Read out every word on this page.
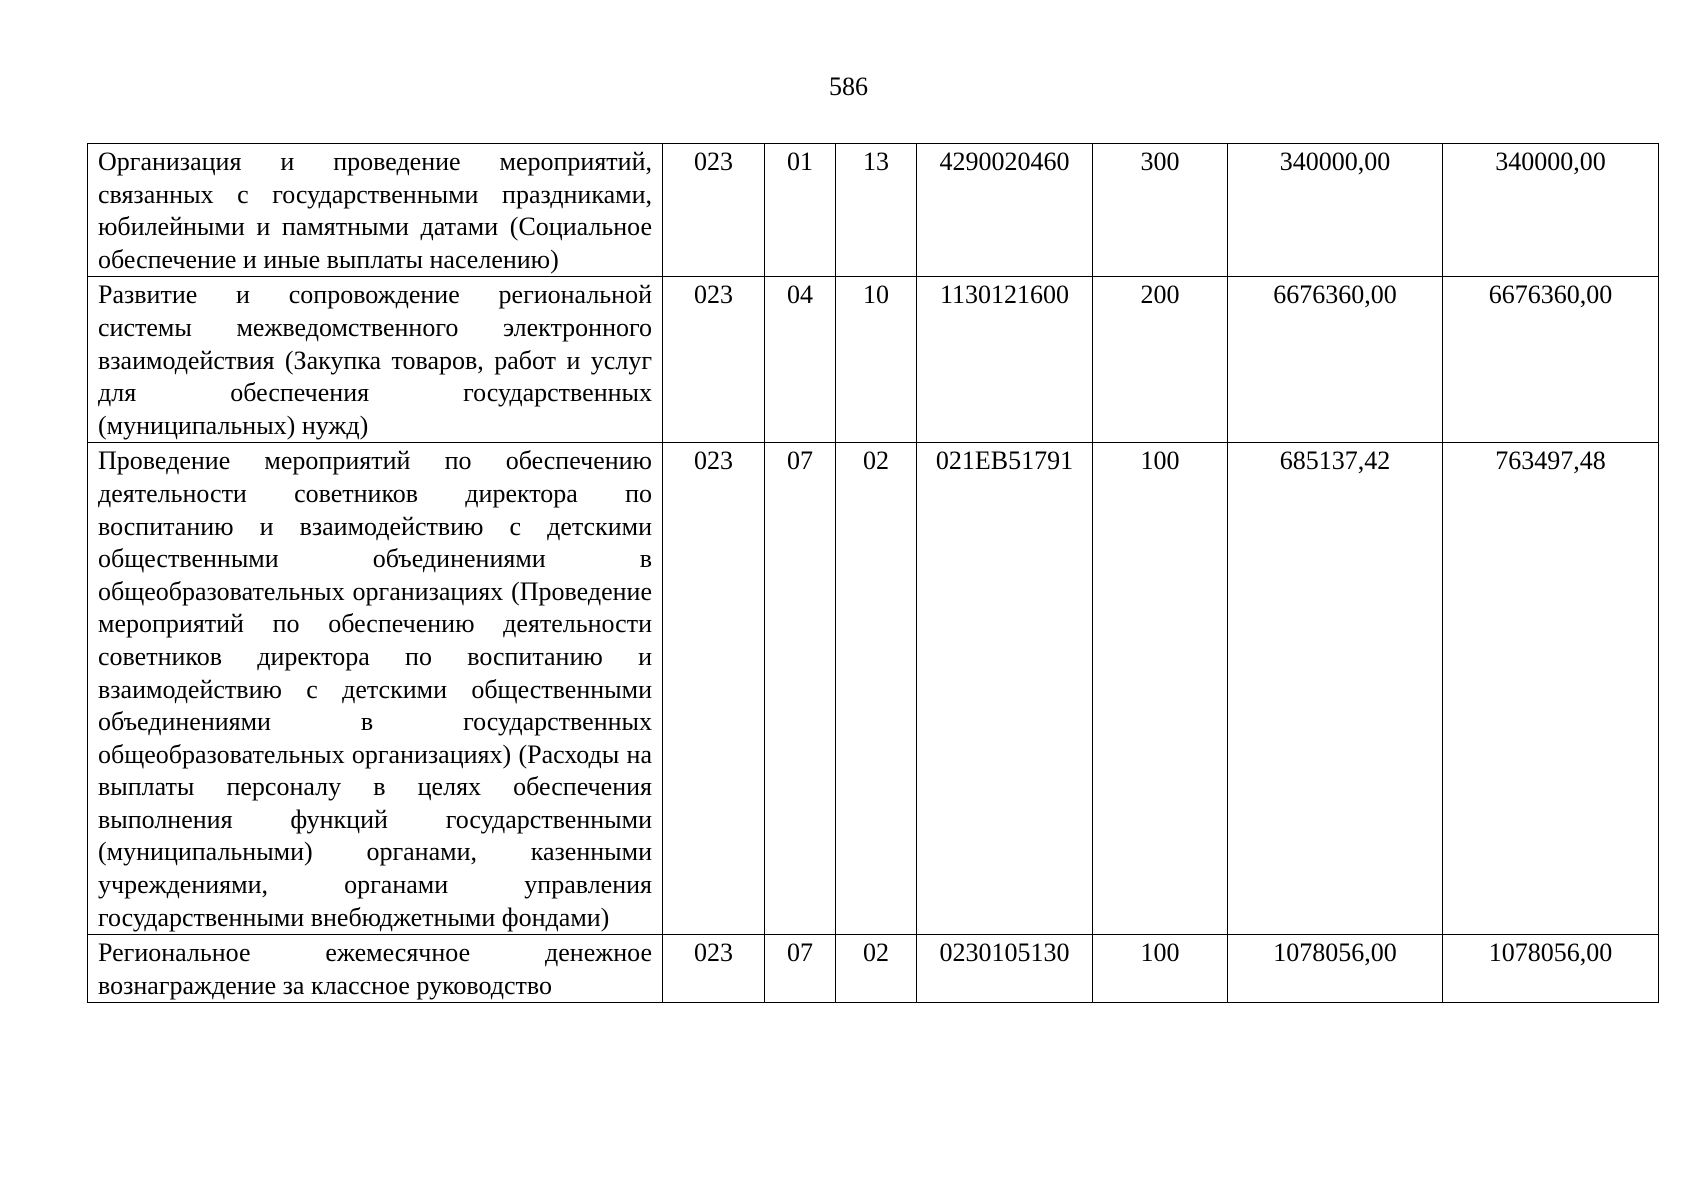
586
Организация и проведение мероприятий, связанных с государственными праздниками, юбилейными и памятными датами (Социальное обеспечение и иные выплаты населению)	023	01	13	4290020460	300	340000,00	340000,00
Развитие и сопровождение региональной системы межведомственного электронного взаимодействия (Закупка товаров, работ и услуг для обеспечения государственных (муниципальных) нужд)	023	04	10	1130121600	200	6676360,00	6676360,00
Проведение мероприятий по обеспечению деятельности советников директора по воспитанию и взаимодействию с детскими общественными объединениями в общеобразовательных организациях (Проведение мероприятий по обеспечению деятельности советников директора по воспитанию и взаимодействию с детскими общественными объединениями в государственных общеобразовательных организациях) (Расходы на выплаты персоналу в целях обеспечения выполнения функций государственными (муниципальными) органами, казенными учреждениями, органами управления государственными внебюджетными фондами)	023	07	02	021EB51791	100	685137,42	763497,48

Региональное ежемесячное денежное вознаграждение за классное руководство	023	07	02	0230105130	100	1078056,00	1078056,00
